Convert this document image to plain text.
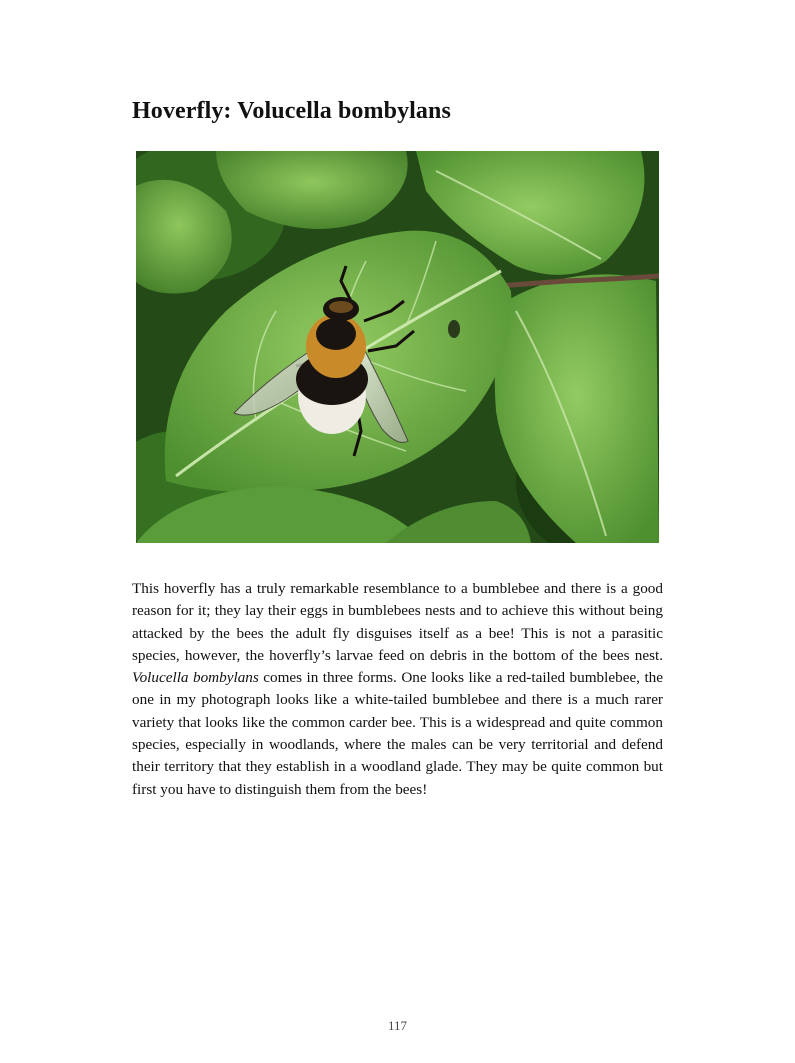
Hoverfly: Volucella bombylans

This hoverfly has a truly remarkable resemblance to a bumblebee and there is a good reason for it; they lay their eggs in bumblebees nests and to achieve this without being attacked by the bees the adult fly disguises itself as a bee! This is not a parasitic species, however, the hoverfly’s larvae feed on debris in the bottom of the bees nest. Volucella bombylans comes in three forms. One looks like a red-tailed bumblebee, the one in my photograph looks like a white-tailed bumblebee and there is a much rarer variety that looks like the common carder bee. This is a widespread and quite common species, especially in woodlands, where the males can be very territorial and defend their territory that they establish in a woodland glade. They may be quite common but first you have to distinguish them from the bees!

117
